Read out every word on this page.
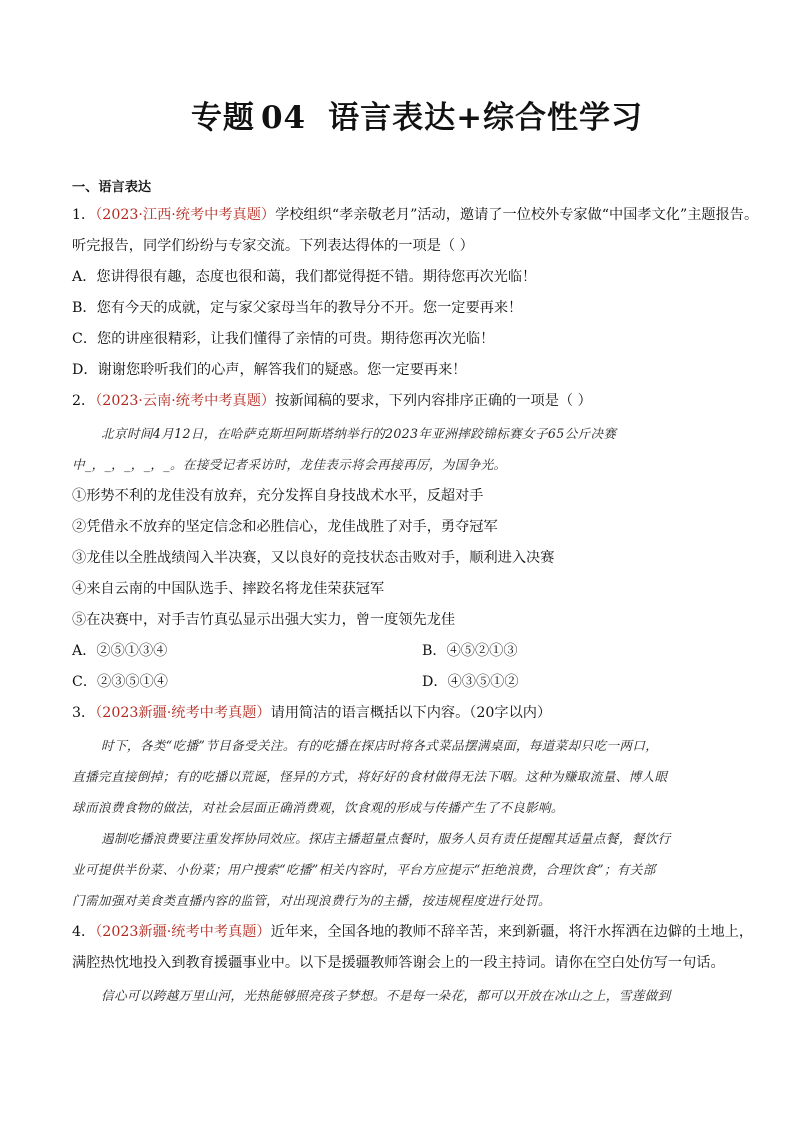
专题 04 语言表达+综合性学习
一、语言表达
1．（2023·江西·统考中考真题）学校组织“孝亲敬老月”活动，邀请了一位校外专家做“中国孝文化”主题报告。
听完报告，同学们纷纷与专家交流。下列表达得体的一项是（ ）
A．您讲得很有趣，态度也很和蔼，我们都觉得挺不错。期待您再次光临！
B．您有今天的成就，定与家父家母当年的教导分不开。您一定要再来！
C．您的讲座很精彩，让我们懂得了亲情的可贵。期待您再次光临！
D．谢谢您聆听我们的心声，解答我们的疑惑。您一定要再来！
2．（2023·云南·统考中考真题）按新闻稿的要求，下列内容排序正确的一项是（ ）
北京时间4月12日，在哈萨克斯坦阿斯塔纳举行的2023年亚洲摔跤锦标赛女子65公斤决赛
中_，_，_，_，_。在接受记者采访时，龙佳表示将会再接再厉，为国争光。
①形势不利的龙佳没有放弃，充分发挥自身技战术水平，反超对手
②凭借永不放弃的坚定信念和必胜信心，龙佳战胜了对手，勇夺冠军
③龙佳以全胜战绩闯入半决赛，又以良好的竞技状态击败对手，顺利进入决赛
④来自云南的中国队选手、摔跤名将龙佳荣获冠军
⑤在决赛中，对手吉竹真弘显示出强大实力，曾一度领先龙佳
A．②⑤①③④	B．④⑤②①③
C．②③⑤①④	D．④③⑤①②
3．（2023新疆·统考中考真题）请用简洁的语言概括以下内容。（20字以内）
时下，各类“吃播”节目备受关注。有的吃播在探店时将各式菜品摆满桌面，每道菜却只吃一两口，
直播完直接倒掉；有的吃播以荒诞，怪异的方式，将好好的食材做得无法下咽。这种为赚取流量、博人眼
球而浪费食物的做法，对社会层面正确消费观，饮食观的形成与传播产生了不良影响。
遏制吃播浪费要注重发挥协同效应。探店主播超量点餐时，服务人员有责任提醒其适量点餐，餐饮行
业可提供半份菜、小份菜；用户搜索“吃播”相关内容时，平台方应提示“拒绝浪费，合理饮食”；有关部
门需加强对美食类直播内容的监管，对出现浪费行为的主播，按违规程度进行处罚。
4．（2023新疆·统考中考真题）近年来，全国各地的教师不辞辛苦，来到新疆，将汗水挥洒在边僻的土地上，
满腔热忱地投入到教育援疆事业中。以下是援疆教师答谢会上的一段主持词。请你在空白处仿写一句话。
信心可以跨越万里山河，光热能够照亮孩子梦想。不是每一朵花，都可以开放在冰山之上，雪莲做到
